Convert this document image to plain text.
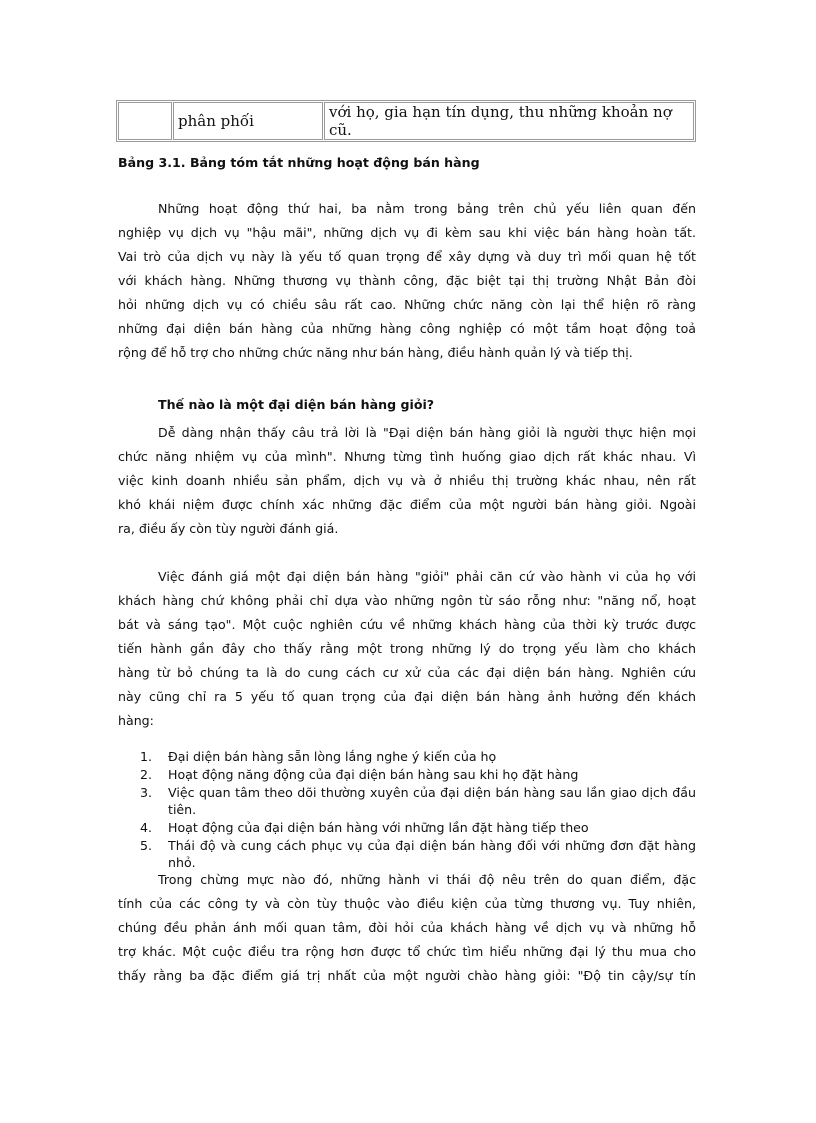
	phân phối	với họ, gia hạn tín dụng, thu những khoản nợ cũ.
Bảng 3.1. Bảng tóm tắt những hoạt động bán hàng
Những hoạt động thứ hai, ba nằm trong bảng trên chủ yếu liên quan đến
nghiệp vụ dịch vụ "hậu mãi", những dịch vụ đi kèm sau khi việc bán hàng hoàn tất.
Vai trò của dịch vụ này là yếu tố quan trọng để xây dựng và duy trì mối quan hệ tốt
với khách hàng. Những thương vụ thành công, đặc biệt tại thị trường Nhật Bản đòi
hỏi những dịch vụ có chiều sâu rất cao. Những chức năng còn lại thể hiện rõ ràng
những đại diện bán hàng của những hàng công nghiệp có một tầm hoạt động toả
rộng để hỗ trợ cho những chức năng như bán hàng, điều hành quản lý và tiếp thị.
Thế nào là một đại diện bán hàng giỏi?
Dễ dàng nhận thấy câu trả lời là "Đại diện bán hàng giỏi là người thực hiện mọi
chức năng nhiệm vụ của mình". Nhưng từng tình huống giao dịch rất khác nhau. Vì
việc kinh doanh nhiều sản phẩm, dịch vụ và ở nhiều thị trường khác nhau, nên rất
khó khái niệm được chính xác những đặc điểm của một người bán hàng giỏi. Ngoài
ra, điều ấy còn tùy người đánh giá.
Việc đánh giá một đại diện bán hàng "giỏi" phải căn cứ vào hành vi của họ với
khách hàng chứ không phải chỉ dựa vào những ngôn từ sáo rỗng như: "năng nổ, hoạt
bát và sáng tạo". Một cuộc nghiên cứu về những khách hàng của thời kỳ trước được
tiến hành gần đây cho thấy rằng một trong những lý do trọng yếu làm cho khách
hàng từ bỏ chúng ta là do cung cách cư xử của các đại diện bán hàng. Nghiên cứu
này cũng chỉ ra 5 yếu tố quan trọng của đại diện bán hàng ảnh hưởng đến khách
hàng:
1. Đại diện bán hàng sẵn lòng lắng nghe ý kiến của họ
2. Hoạt động năng động của đại diện bán hàng sau khi họ đặt hàng
3. Việc quan tâm theo dõi thường xuyên của đại diện bán hàng sau lần giao dịch đầu tiên.
4. Hoạt động của đại diện bán hàng với những lần đặt hàng tiếp theo
5. Thái độ và cung cách phục vụ của đại diện bán hàng đối với những đơn đặt hàng nhỏ.
Trong chừng mực nào đó, những hành vi thái độ nêu trên do quan điểm, đặc
tính của các công ty và còn tùy thuộc vào điều kiện của từng thương vụ. Tuy nhiên,
chúng đều phản ánh mối quan tâm, đòi hỏi của khách hàng về dịch vụ và những hỗ
trợ khác. Một cuộc điều tra rộng hơn được tổ chức tìm hiểu những đại lý thu mua cho
thấy rằng ba đặc điểm giá trị nhất của một người chào hàng giỏi: "Độ tin cậy/sự tín
